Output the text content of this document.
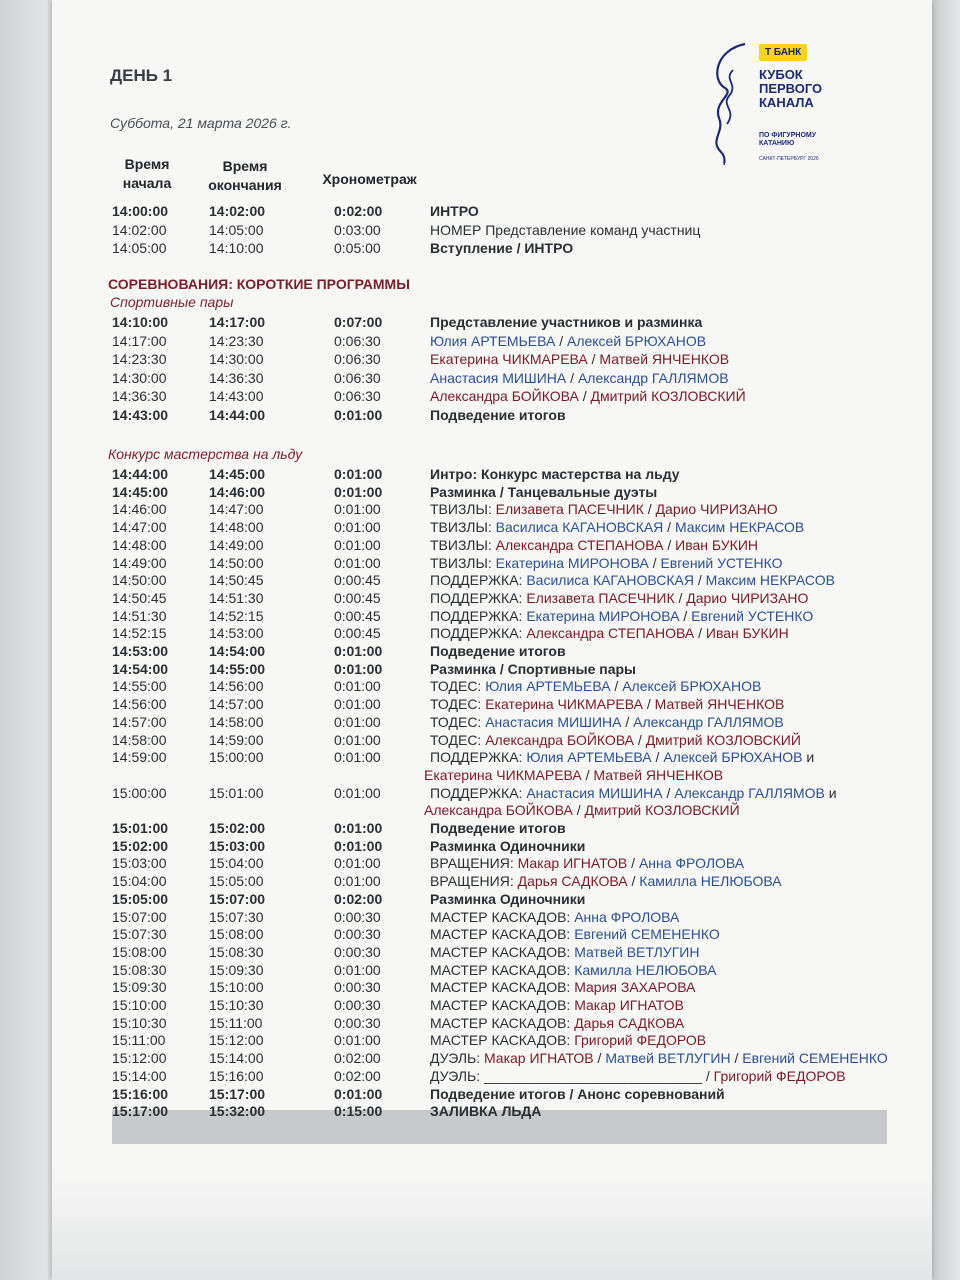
ДЕНЬ 1
Суббота, 21 марта 2026 г.
Т БАНК
КУБОК ПЕРВОГО КАНАЛА
ПО ФИГУРНОМУ КАТАНИЮ
САНКТ-ПЕТЕРБУРГ 2026
Время начала
Время окончания	Хронометраж
14:00:00	14:02:00	0:02:00	ИНТРО
14:02:00	14:05:00	0:03:00	НОМЕР Представление команд участниц
14:05:00	14:10:00	0:05:00	Вступление / ИНТРО
СОРЕВНОВАНИЯ: КОРОТКИЕ ПРОГРАММЫ
Спортивные пары
14:10:00	14:17:00	0:07:00	Представление участников и разминка
14:17:00	14:23:30	0:06:30	Юлия АРТЕМЬЕВА / Алексей БРЮХАНОВ
14:23:30	14:30:00	0:06:30	Екатерина ЧИКМАРЕВА / Матвей ЯНЧЕНКОВ
14:30:00	14:36:30	0:06:30	Анастасия МИШИНА / Александр ГАЛЛЯМОВ
14:36:30	14:43:00	0:06:30	Александра БОЙКОВА / Дмитрий КОЗЛОВСКИЙ
14:43:00	14:44:00	0:01:00	Подведение итогов
Конкурс мастерства на льду
14:44:00	14:45:00	0:01:00	Интро: Конкурс мастерства на льду
14:45:00	14:46:00	0:01:00	Разминка / Танцевальные дуэты
14:46:00	14:47:00	0:01:00	ТВИЗЛЫ: Елизавета ПАСЕЧНИК / Дарио ЧИРИЗАНО
14:47:00	14:48:00	0:01:00	ТВИЗЛЫ: Василиса КАГАНОВСКАЯ / Максим НЕКРАСОВ
14:48:00	14:49:00	0:01:00	ТВИЗЛЫ: Александра СТЕПАНОВА / Иван БУКИН
14:49:00	14:50:00	0:01:00	ТВИЗЛЫ: Екатерина МИРОНОВА / Евгений УСТЕНКО
14:50:00	14:50:45	0:00:45	ПОДДЕРЖКА: Василиса КАГАНОВСКАЯ / Максим НЕКРАСОВ
14:50:45	14:51:30	0:00:45	ПОДДЕРЖКА: Елизавета ПАСЕЧНИК / Дарио ЧИРИЗАНО
14:51:30	14:52:15	0:00:45	ПОДДЕРЖКА: Екатерина МИРОНОВА / Евгений УСТЕНКО
14:52:15	14:53:00	0:00:45	ПОДДЕРЖКА: Александра СТЕПАНОВА / Иван БУКИН
14:53:00	14:54:00	0:01:00	Подведение итогов
14:54:00	14:55:00	0:01:00	Разминка / Спортивные пары
14:55:00	14:56:00	0:01:00	ТОДЕС: Юлия АРТЕМЬЕВА / Алексей БРЮХАНОВ
14:56:00	14:57:00	0:01:00	ТОДЕС: Екатерина ЧИКМАРЕВА / Матвей ЯНЧЕНКОВ
14:57:00	14:58:00	0:01:00	ТОДЕС: Анастасия МИШИНА / Александр ГАЛЛЯМОВ
14:58:00	14:59:00	0:01:00	ТОДЕС: Александра БОЙКОВА / Дмитрий КОЗЛОВСКИЙ
14:59:00	15:00:00	0:01:00	ПОДДЕРЖКА: Юлия АРТЕМЬЕВА / Алексей БРЮХАНОВ и
Екатерина ЧИКМАРЕВА / Матвей ЯНЧЕНКОВ
15:00:00	15:01:00	0:01:00	ПОДДЕРЖКА: Анастасия МИШИНА / Александр ГАЛЛЯМОВ и
Александра БОЙКОВА / Дмитрий КОЗЛОВСКИЙ
15:01:00	15:02:00	0:01:00	Подведение итогов
15:02:00	15:03:00	0:01:00	Разминка Одиночники
15:03:00	15:04:00	0:01:00	ВРАЩЕНИЯ: Макар ИГНАТОВ / Анна ФРОЛОВА
15:04:00	15:05:00	0:01:00	ВРАЩЕНИЯ: Дарья САДКОВА / Камилла НЕЛЮБОВА
15:05:00	15:07:00	0:02:00	Разминка Одиночники
15:07:00	15:07:30	0:00:30	МАСТЕР КАСКАДОВ: Анна ФРОЛОВА
15:07:30	15:08:00	0:00:30	МАСТЕР КАСКАДОВ: Евгений СЕМЕНЕНКО
15:08:00	15:08:30	0:00:30	МАСТЕР КАСКАДОВ: Матвей ВЕТЛУГИН
15:08:30	15:09:30	0:01:00	МАСТЕР КАСКАДОВ: Камилла НЕЛЮБОВА
15:09:30	15:10:00	0:00:30	МАСТЕР КАСКАДОВ: Мария ЗАХАРОВА
15:10:00	15:10:30	0:00:30	МАСТЕР КАСКАДОВ: Макар ИГНАТОВ
15:10:30	15:11:00	0:00:30	МАСТЕР КАСКАДОВ: Дарья САДКОВА
15:11:00	15:12:00	0:01:00	МАСТЕР КАСКАДОВ: Григорий ФЕДОРОВ
15:12:00	15:14:00	0:02:00	ДУЭЛЬ: Макар ИГНАТОВ / Матвей ВЕТЛУГИН / Евгений СЕМЕНЕНКО
15:14:00	15:16:00	0:02:00	ДУЭЛЬ: ____________________________ / Григорий ФЕДОРОВ
15:16:00	15:17:00	0:01:00	Подведение итогов / Анонс соревнований
15:17:00	15:32:00	0:15:00	ЗАЛИВКА ЛЬДА
